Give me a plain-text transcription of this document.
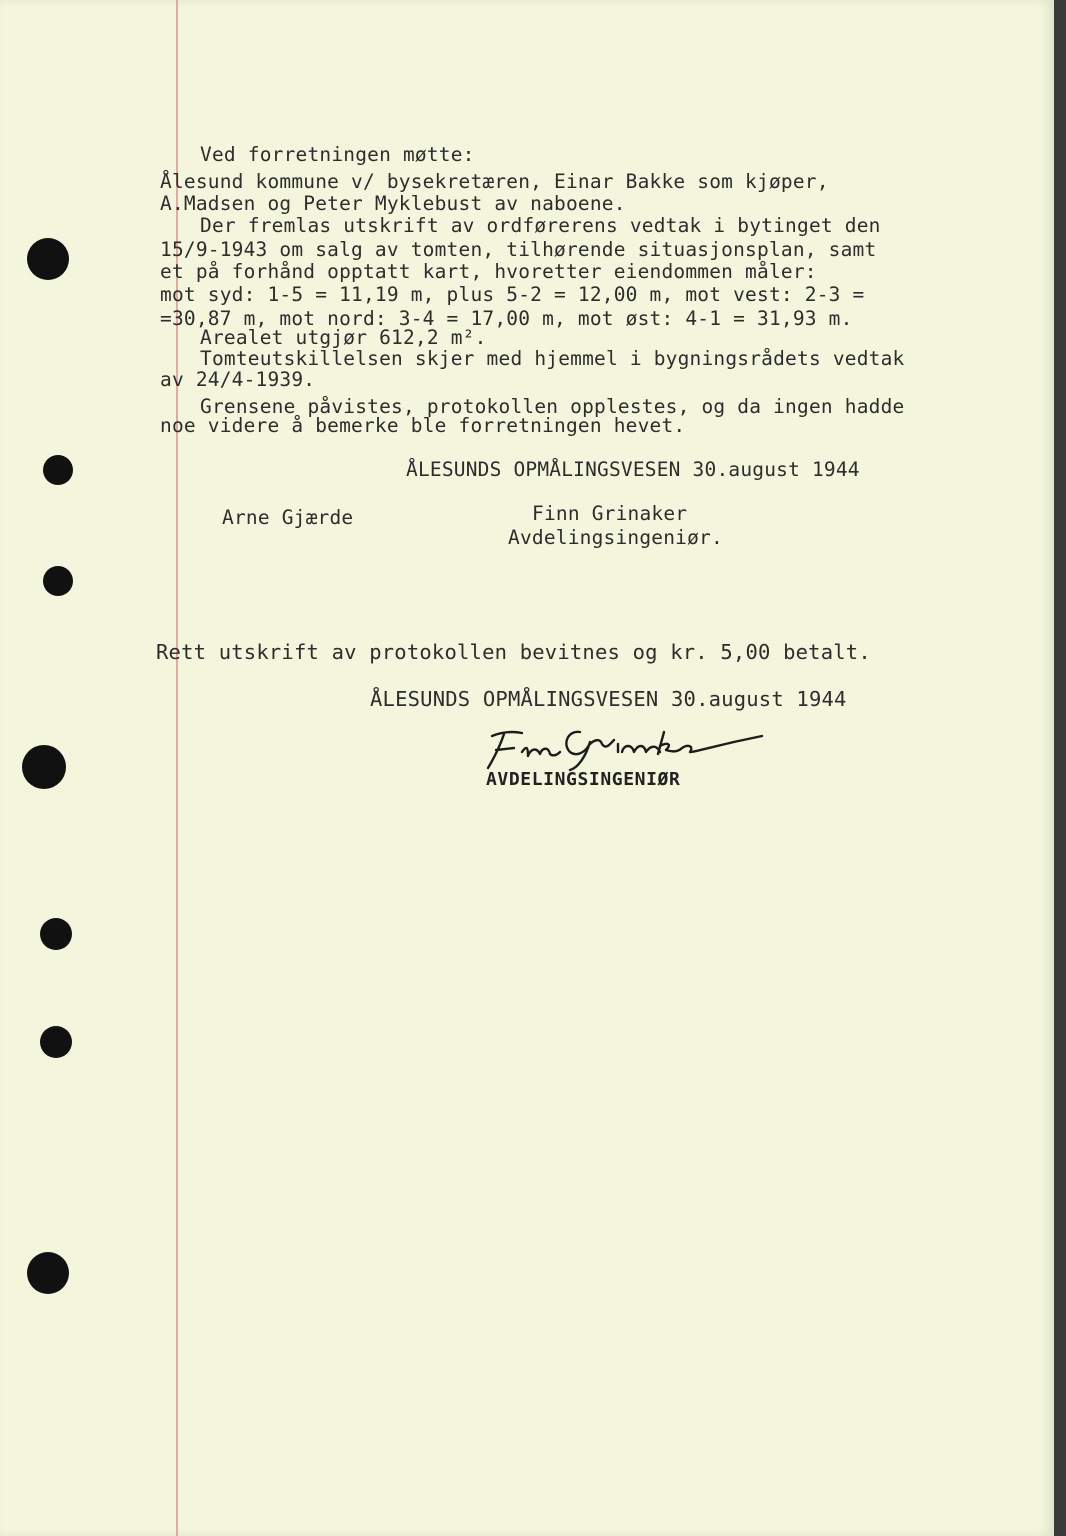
Ved forretningen møtte:
Ålesund kommune v/ bysekretæren, Einar Bakke som kjøper,
A.Madsen og Peter Myklebust av naboene.
Der fremlas utskrift av ordførerens vedtak i bytinget den
15/9-1943 om salg av tomten, tilhørende situasjonsplan, samt
et på forhånd opptatt kart, hvoretter eiendommen måler:
mot syd: 1-5 = 11,19 m, plus 5-2 = 12,00 m, mot vest: 2-3 =
=30,87 m, mot nord: 3-4 = 17,00 m, mot øst: 4-1 = 31,93 m.
Arealet utgjør 612,2 m².
Tomteutskillelsen skjer med hjemmel i bygningsrådets vedtak
av 24/4-1939.
Grensene påvistes, protokollen opplestes, og da ingen hadde
noe videre å bemerke ble forretningen hevet.
ÅLESUNDS OPMÅLINGSVESEN 30.august 1944
Arne Gjærde	Finn Grinaker
Avdelingsingeniør.
Rett utskrift av protokollen bevitnes og kr. 5,00 betalt.
ÅLESUNDS OPMÅLINGSVESEN 30.august 1944
AVDELINGSINGENIØR
